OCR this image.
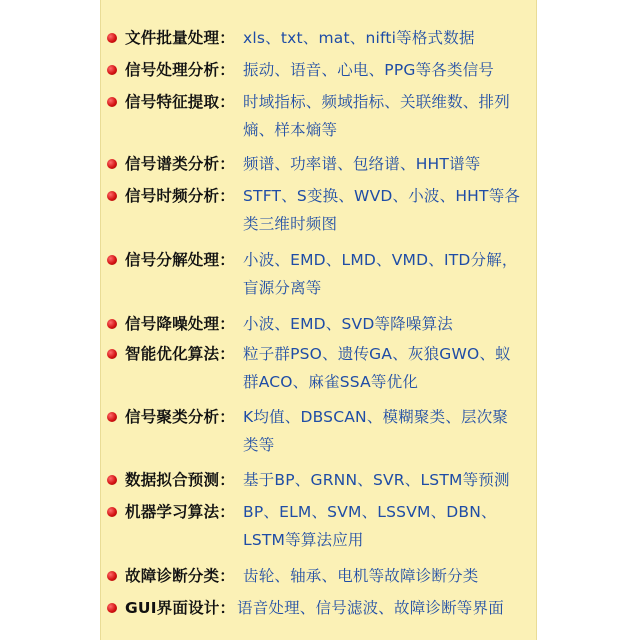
文件批量处理： xls、txt、mat、nifti等格式数据
信号处理分析： 振动、语音、心电、PPG等各类信号
信号特征提取： 时域指标、频域指标、关联维数、排列
熵、样本熵等
信号谱类分析： 频谱、功率谱、包络谱、HHT谱等
信号时频分析： STFT、S变换、WVD、小波、HHT等各
类三维时频图
信号分解处理： 小波、EMD、LMD、VMD、ITD分解，
盲源分离等
信号降噪处理： 小波、EMD、SVD等降噪算法
智能优化算法： 粒子群PSO、遗传GA、灰狼GWO、蚁
群ACO、麻雀SSA等优化
信号聚类分析： K均值、DBSCAN、模糊聚类、层次聚
类等
数据拟合预测： 基于BP、GRNN、SVR、LSTM等预测
机器学习算法： BP、ELM、SVM、LSSVM、DBN、
LSTM等算法应用
故障诊断分类： 齿轮、轴承、电机等故障诊断分类
GUI界面设计： 语音处理、信号滤波、故障诊断等界面
